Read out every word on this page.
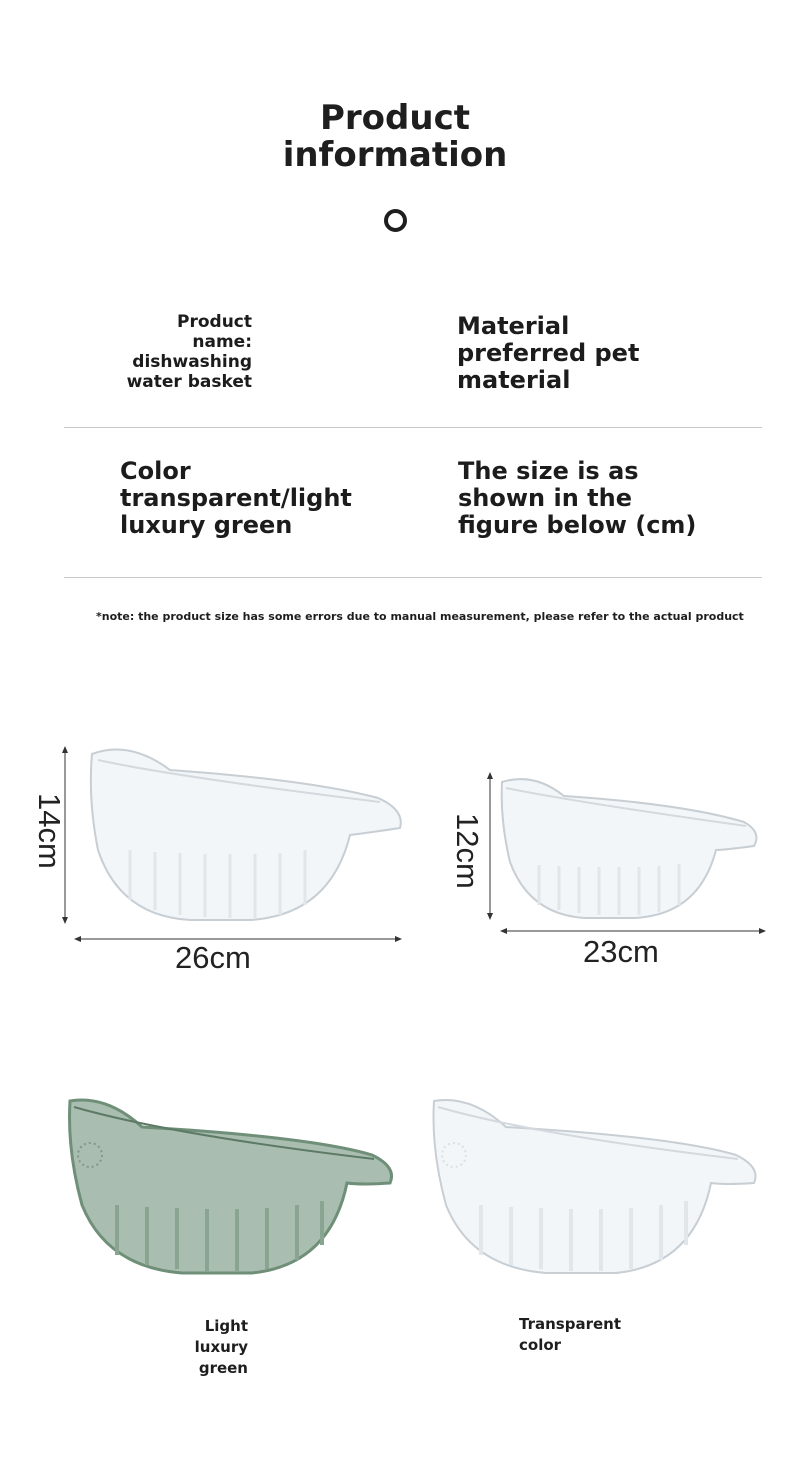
Product
information
Product
name:
dishwashing
water basket
Material
preferred pet
material
Color
transparent/light
luxury green
The size is as
shown in the
figure below (cm)
*note: the product size has some errors due to manual measurement, please refer to the actual product
14cm
26cm
12cm
23cm
Light luxury
green
Transparent
color
